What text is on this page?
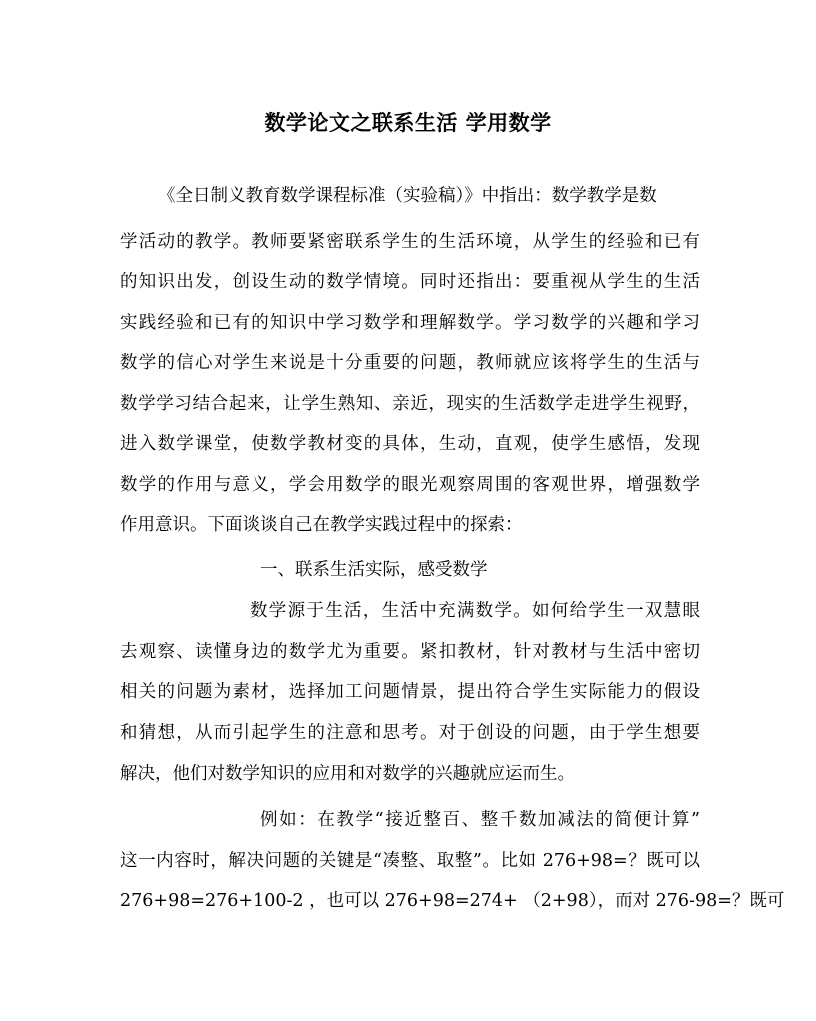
数学论文之联系生活 学用数学
《全日制义教育数学课程标准（实验稿）》中指出：数学教学是数
学活动的教学。教师要紧密联系学生的生活环境，从学生的经验和已有
的知识出发，创设生动的数学情境。同时还指出：要重视从学生的生活
实践经验和已有的知识中学习数学和理解数学。学习数学的兴趣和学习
数学的信心对学生来说是十分重要的问题，教师就应该将学生的生活与
数学学习结合起来，让学生熟知、亲近，现实的生活数学走进学生视野，
进入数学课堂，使数学教材变的具体，生动，直观，使学生感悟，发现
数学的作用与意义，学会用数学的眼光观察周围的客观世界，增强数学
作用意识。下面谈谈自己在教学实践过程中的探索：
一、联系生活实际，感受数学
数学源于生活，生活中充满数学。如何给学生一双慧眼
去观察、读懂身边的数学尤为重要。紧扣教材，针对教材与生活中密切
相关的问题为素材，选择加工问题情景，提出符合学生实际能力的假设
和猜想，从而引起学生的注意和思考。对于创设的问题，由于学生想要
解决，他们对数学知识的应用和对数学的兴趣就应运而生。
例如：在教学“接近整百、整千数加减法的简便计算”
这一内容时，解决问题的关键是“凑整、取整”。比如 276+98=？既可以
276+98=276+100-2 ，也可以 276+98=274+ （2+98），而对 276-98=？既可
